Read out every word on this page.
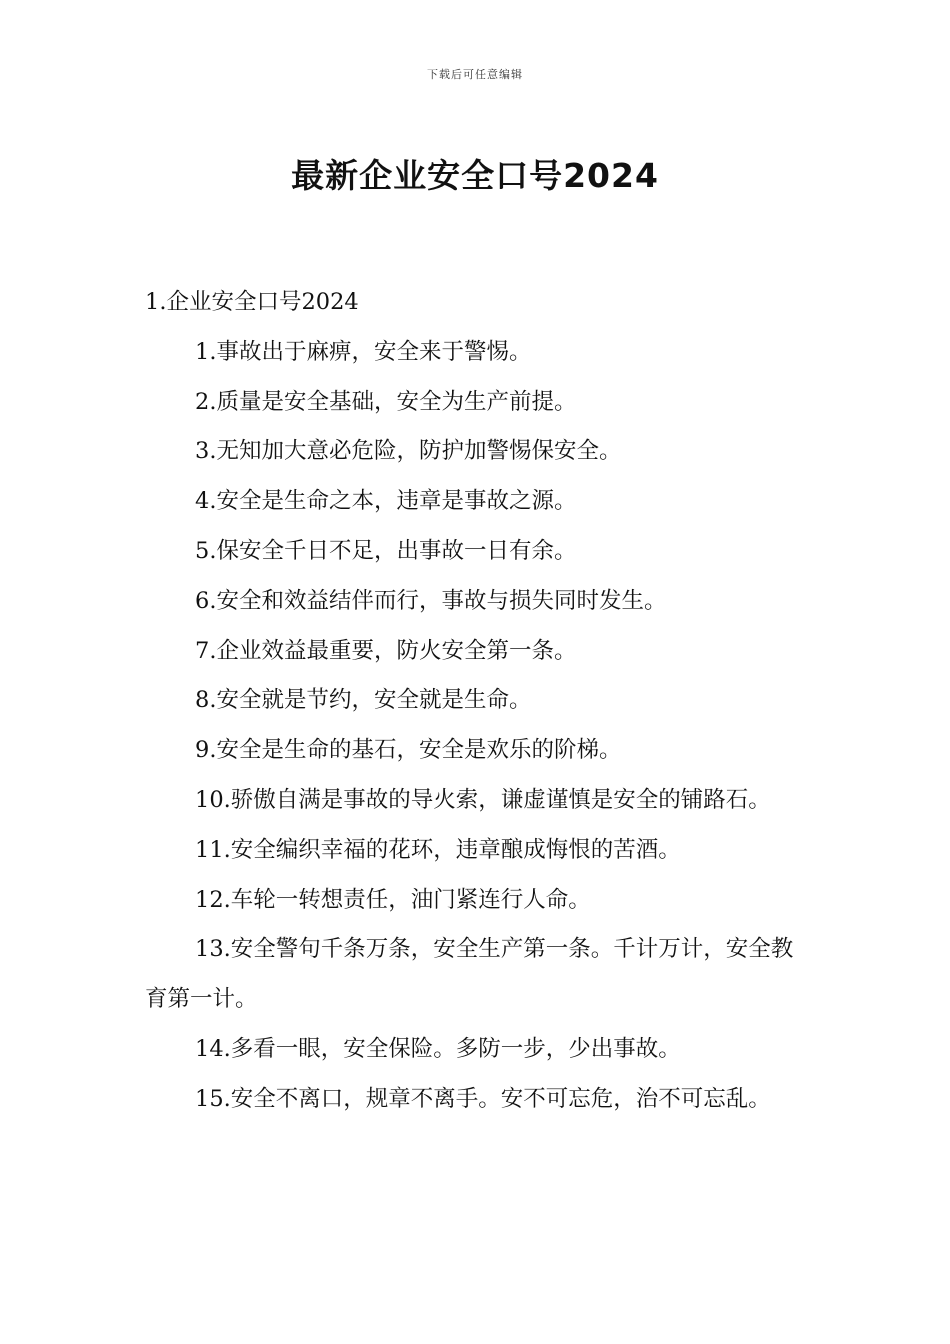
下载后可任意编辑
最新企业安全口号2024

1.企业安全口号2024

1.事故出于麻痹，安全来于警惕。
2.质量是安全基础，安全为生产前提。
3.无知加大意必危险，防护加警惕保安全。
4.安全是生命之本，违章是事故之源。
5.保安全千日不足，出事故一日有余。
6.安全和效益结伴而行，事故与损失同时发生。
7.企业效益最重要，防火安全第一条。
8.安全就是节约，安全就是生命。
9.安全是生命的基石，安全是欢乐的阶梯。
10.骄傲自满是事故的导火索，谦虚谨慎是安全的铺路石。
11.安全编织幸福的花环，违章酿成悔恨的苦酒。
12.车轮一转想责任，油门紧连行人命。
13.安全警句千条万条，安全生产第一条。千计万计，安全教育第一计。
14.多看一眼，安全保险。多防一步，少出事故。
15.安全不离口，规章不离手。安不可忘危，治不可忘乱。
